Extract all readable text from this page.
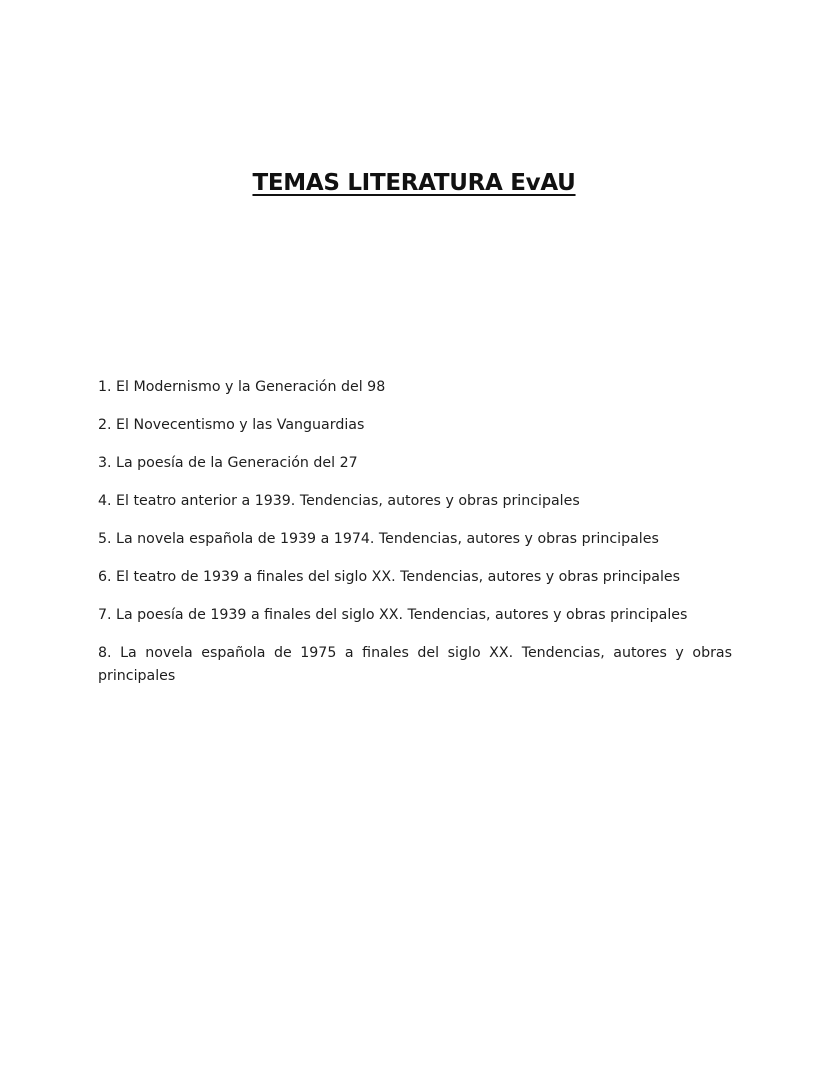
TEMAS LITERATURA EvAU
1. El Modernismo y la Generación del 98
2. El Novecentismo y las Vanguardias
3. La poesía de la Generación del 27
4. El teatro anterior a 1939. Tendencias, autores y obras principales
5. La novela española de 1939 a 1974. Tendencias, autores y obras principales
6. El teatro de 1939 a finales del siglo XX. Tendencias, autores y obras principales
7. La poesía de 1939 a finales del siglo XX. Tendencias, autores y obras principales
8. La novela española de 1975 a finales del siglo XX. Tendencias, autores y obras principales
